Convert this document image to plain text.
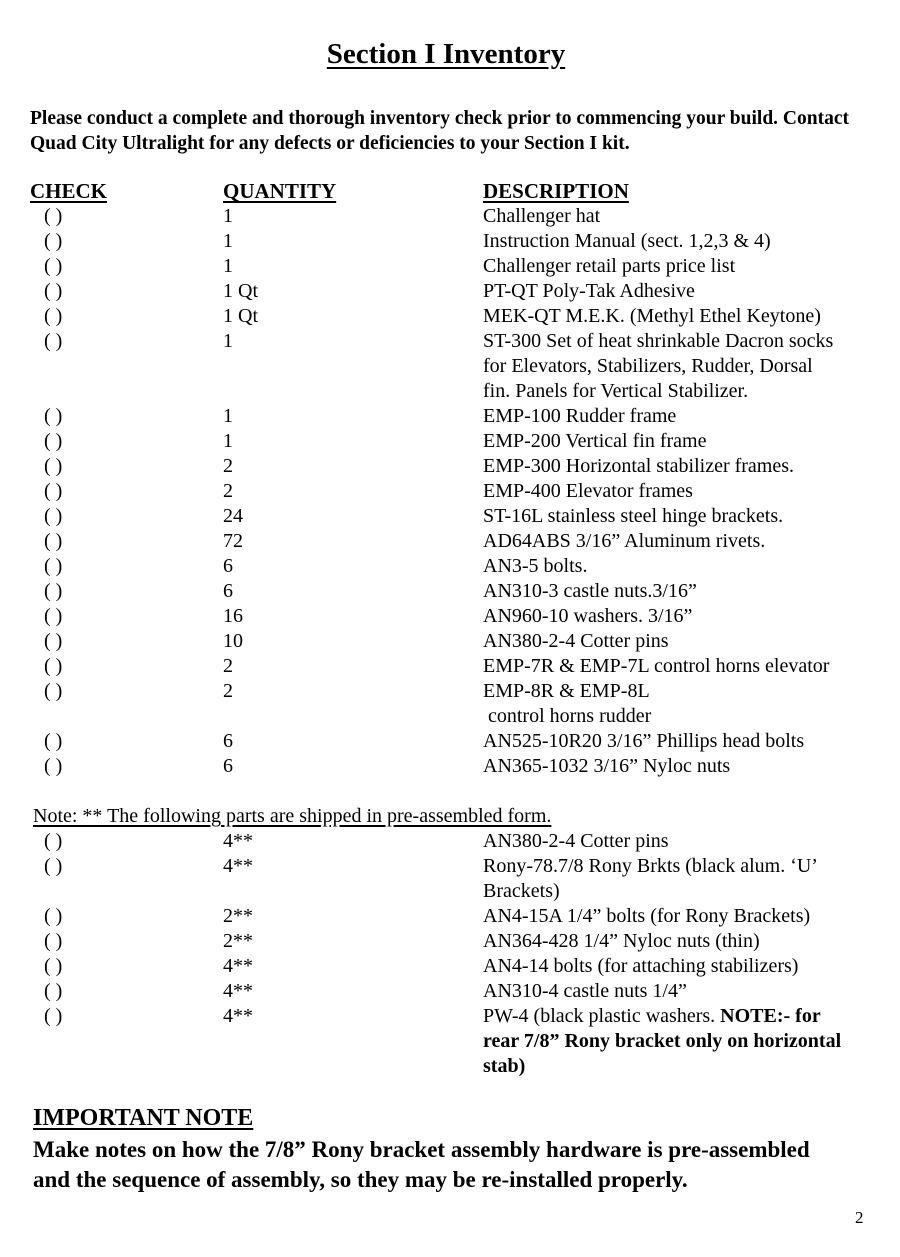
Section I Inventory
Please conduct a complete and thorough inventory check prior to commencing your build. Contact Quad City Ultralight for any defects or deficiencies to your Section I kit.
CHECK	QUANTITY	DESCRIPTION
( )	1	Challenger hat
( )	1	Instruction Manual (sect. 1,2,3 & 4)
( )	1	Challenger retail parts price list
( )	1 Qt	PT-QT Poly-Tak Adhesive
( )	1 Qt	MEK-QT M.E.K. (Methyl Ethel Keytone)
( )	1	ST-300 Set of heat shrinkable Dacron socks for Elevators, Stabilizers, Rudder, Dorsal fin. Panels for Vertical Stabilizer.
( )	1	EMP-100 Rudder frame
( )	1	EMP-200 Vertical fin frame
( )	2	EMP-300 Horizontal stabilizer frames.
( )	2	EMP-400 Elevator frames
( )	24	ST-16L stainless steel hinge brackets.
( )	72	AD64ABS 3/16” Aluminum rivets.
( )	6	AN3-5 bolts.
( )	6	AN310-3 castle nuts.3/16”
( )	16	AN960-10 washers. 3/16”
( )	10	AN380-2-4 Cotter pins
( )	2	EMP-7R & EMP-7L control horns elevator
( )	2	EMP-8R & EMP-8L
control horns rudder
( )	6	AN525-10R20 3/16” Phillips head bolts
( )	6	AN365-1032 3/16” Nyloc nuts
Note: ** The following parts are shipped in pre-assembled form.
( )	4**	AN380-2-4 Cotter pins
( )	4**	Rony-78.7/8 Rony Brkts (black alum. ‘U’ Brackets)
( )	2**	AN4-15A 1/4” bolts (for Rony Brackets)
( )	2**	AN364-428 1/4” Nyloc nuts (thin)
( )	4**	AN4-14 bolts (for attaching stabilizers)
( )	4**	AN310-4 castle nuts 1/4”
( )	4**	PW-4 (black plastic washers. NOTE:- for rear 7/8” Rony bracket only on horizontal stab)
IMPORTANT NOTE
Make notes on how the 7/8” Rony bracket assembly hardware is pre-assembled and the sequence of assembly, so they may be re-installed properly.
2
